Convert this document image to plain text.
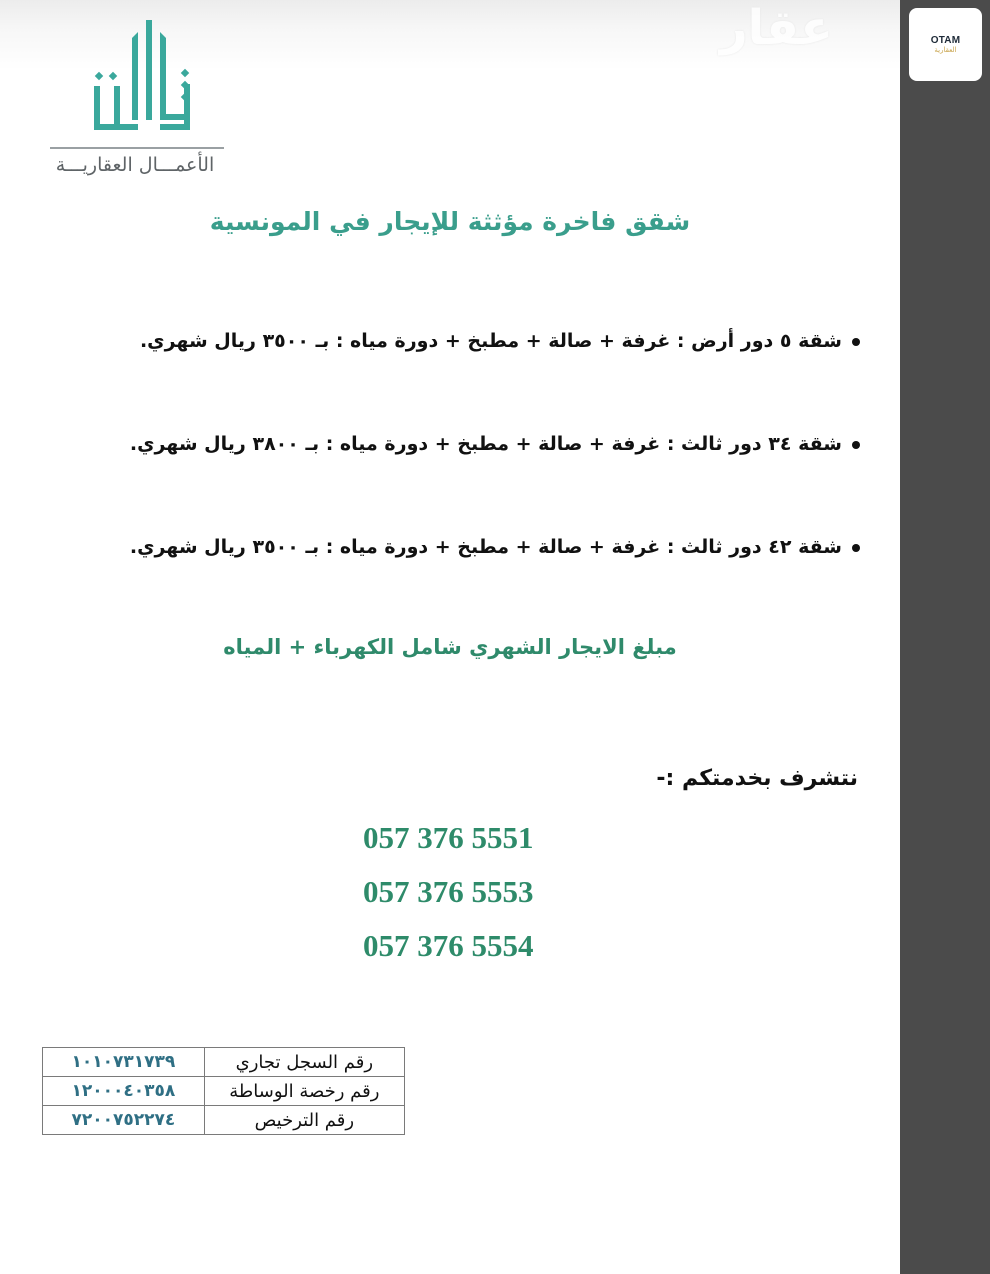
عقار
الأعمـــال العقاريـــة
شقق فاخرة مؤثثة للإيجار في المونسية
شقة ٥ دور أرض : غرفة + صالة + مطبخ + دورة مياه : بـ ٣٥٠٠ ريال شهري.
شقة ٣٤ دور ثالث : غرفة + صالة + مطبخ + دورة مياه : بـ ٣٨٠٠ ريال شهري.
شقة ٤٢ دور ثالث : غرفة + صالة + مطبخ + دورة مياه : بـ ٣٥٠٠ ريال شهري.
مبلغ الايجار الشهري شامل الكهرباء + المياه
نتشرف بخدمتكم :-
057 376 5551
057 376 5553
057 376 5554
١٠١٠٧٣١٧٣٩	رقم السجل تجاري
١٢٠٠٠٤٠٣٥٨	رقم رخصة الوساطة
٧٢٠٠٧٥٢٢٧٤	رقم الترخيص
OTAM
العقارية
